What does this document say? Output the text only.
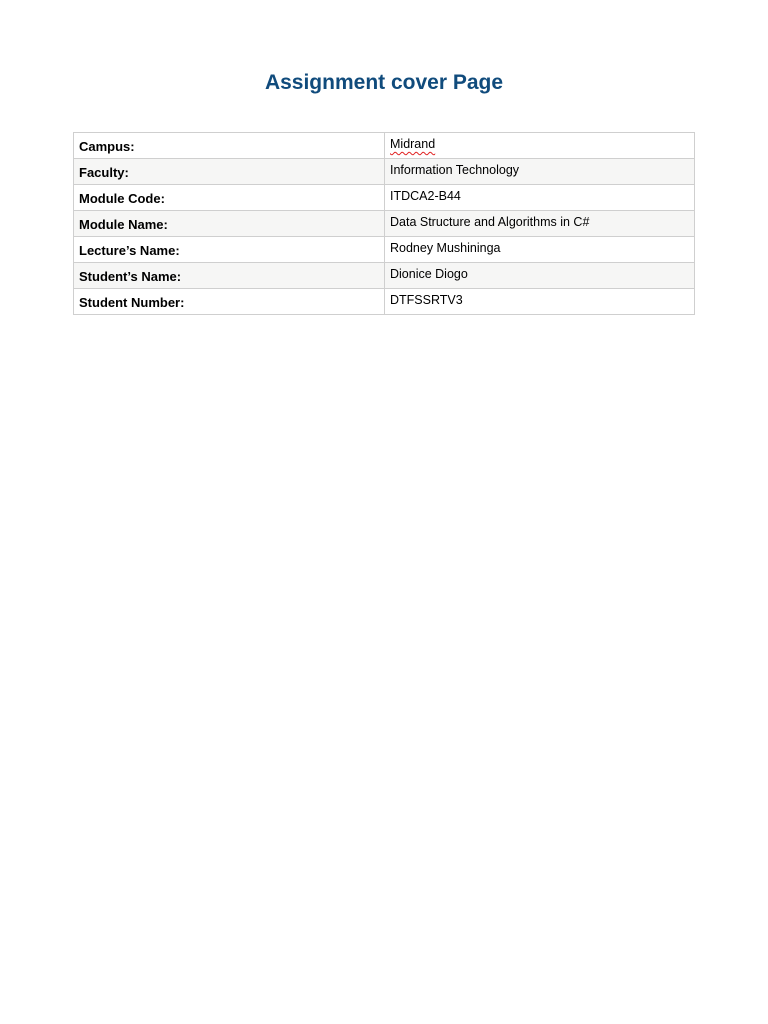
Assignment cover Page
Campus:	Midrand
Faculty:	Information Technology
Module Code:	ITDCA2-B44
Module Name:	Data Structure and Algorithms in C#
Lecture’s Name:	Rodney Mushininga
Student’s Name:	Dionice Diogo
Student Number:	DTFSSRTV3
